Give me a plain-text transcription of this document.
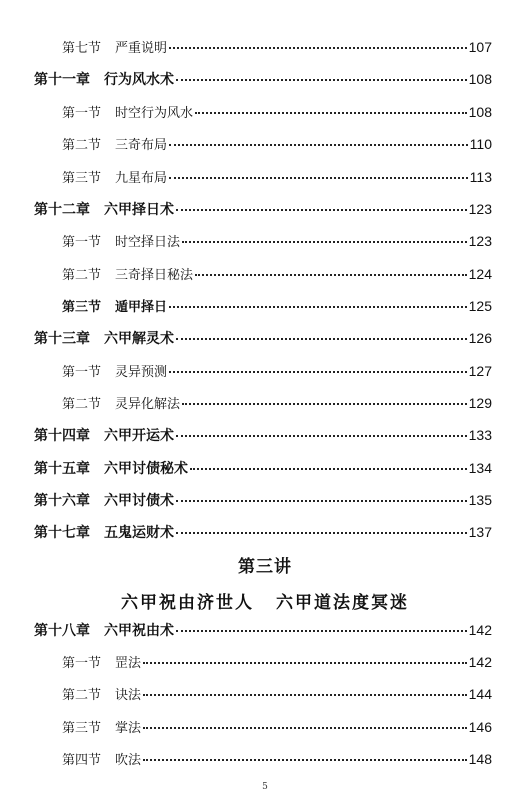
第七节 严重说明	107
第十一章 行为风水术	108
第一节 时空行为风水	108
第二节 三奇布局	110
第三节 九星布局	113
第十二章 六甲择日术	123
第一节 时空择日法	123
第二节 三奇择日秘法	124
第三节 遁甲择日	125
第十三章 六甲解灵术	126
第一节 灵异预测	127
第二节 灵异化解法	129
第十四章 六甲开运术	133
第十五章 六甲讨债秘术	134
第十六章 六甲讨债术	135
第十七章 五鬼运财术	137
第三讲
六甲祝由济世人 六甲道法度冥迷
第十八章 六甲祝由术	142
第一节 罡法	142
第二节 诀法	144
第三节 掌法	146
第四节 吹法	148
5
